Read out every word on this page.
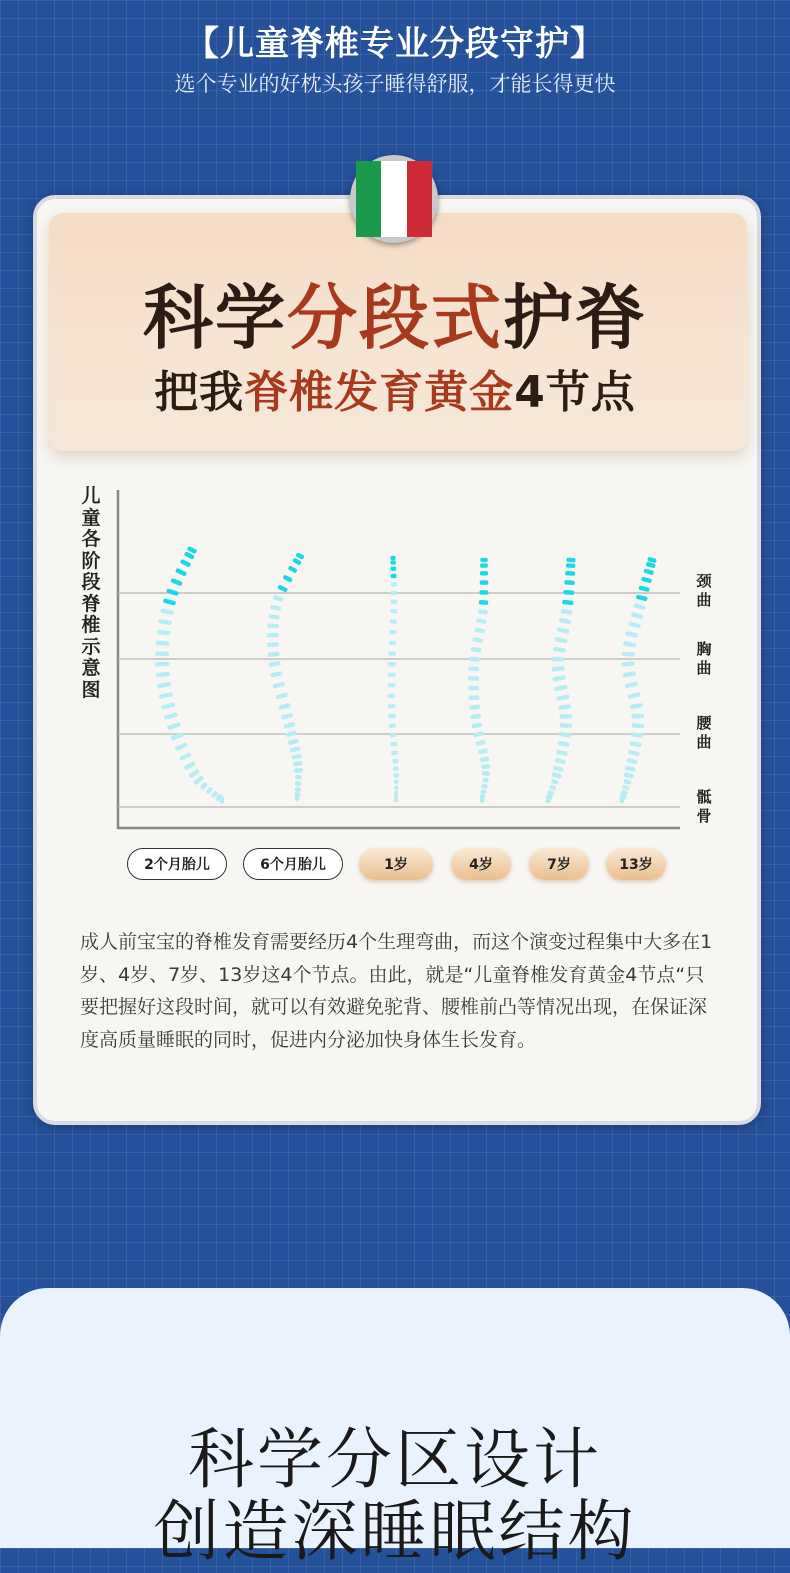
【儿童脊椎专业分段守护】
选个专业的好枕头孩子睡得舒服，才能长得更快
科学分段式护脊
把我脊椎发育黄金4节点
儿童各阶段脊椎示意图
颈曲
胸曲
腰曲
骶骨
2个月胎儿	6个月胎儿	1岁	4岁	7岁	13岁
成人前宝宝的脊椎发育需要经历4个生理弯曲，而这个演变过程集中大多在1岁、4岁、7岁、13岁这4个节点。由此，就是“儿童脊椎发育黄金4节点“只要把握好这段时间，就可以有效避免驼背、腰椎前凸等情况出现，在保证深度高质量睡眠的同时，促进内分泌加快身体生长发育。
科学分区设计
创造深睡眠结构
